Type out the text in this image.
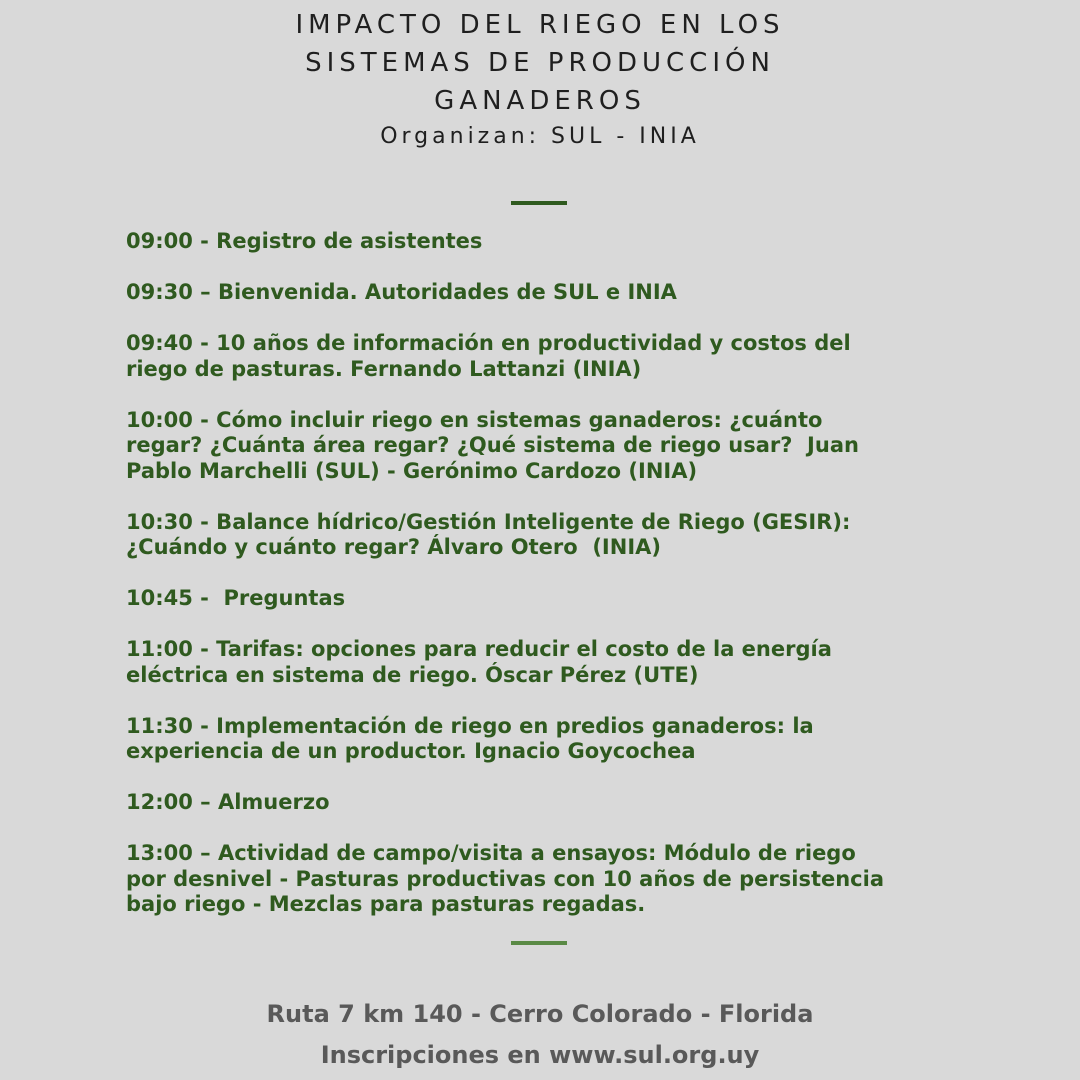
IMPACTO DEL RIEGO EN LOS
SISTEMAS DE PRODUCCIÓN
GANADEROS
Organizan: SUL - INIA
09:00 - Registro de asistentes
09:30 – Bienvenida. Autoridades de SUL e INIA
09:40 - 10 años de información en productividad y costos del
riego de pasturas. Fernando Lattanzi (INIA)
10:00 - Cómo incluir riego en sistemas ganaderos: ¿cuánto
regar? ¿Cuánta área regar? ¿Qué sistema de riego usar?  Juan
Pablo Marchelli (SUL) - Gerónimo Cardozo (INIA)
10:30 - Balance hídrico/Gestión Inteligente de Riego (GESIR):
¿Cuándo y cuánto regar? Álvaro Otero  (INIA)
10:45 -  Preguntas
11:00 - Tarifas: opciones para reducir el costo de la energía
eléctrica en sistema de riego. Óscar Pérez (UTE)
11:30 - Implementación de riego en predios ganaderos: la
experiencia de un productor. Ignacio Goycochea
12:00 – Almuerzo
13:00 – Actividad de campo/visita a ensayos: Módulo de riego
por desnivel - Pasturas productivas con 10 años de persistencia
bajo riego - Mezclas para pasturas regadas.
Ruta 7 km 140 - Cerro Colorado - Florida
Inscripciones en www.sul.org.uy
